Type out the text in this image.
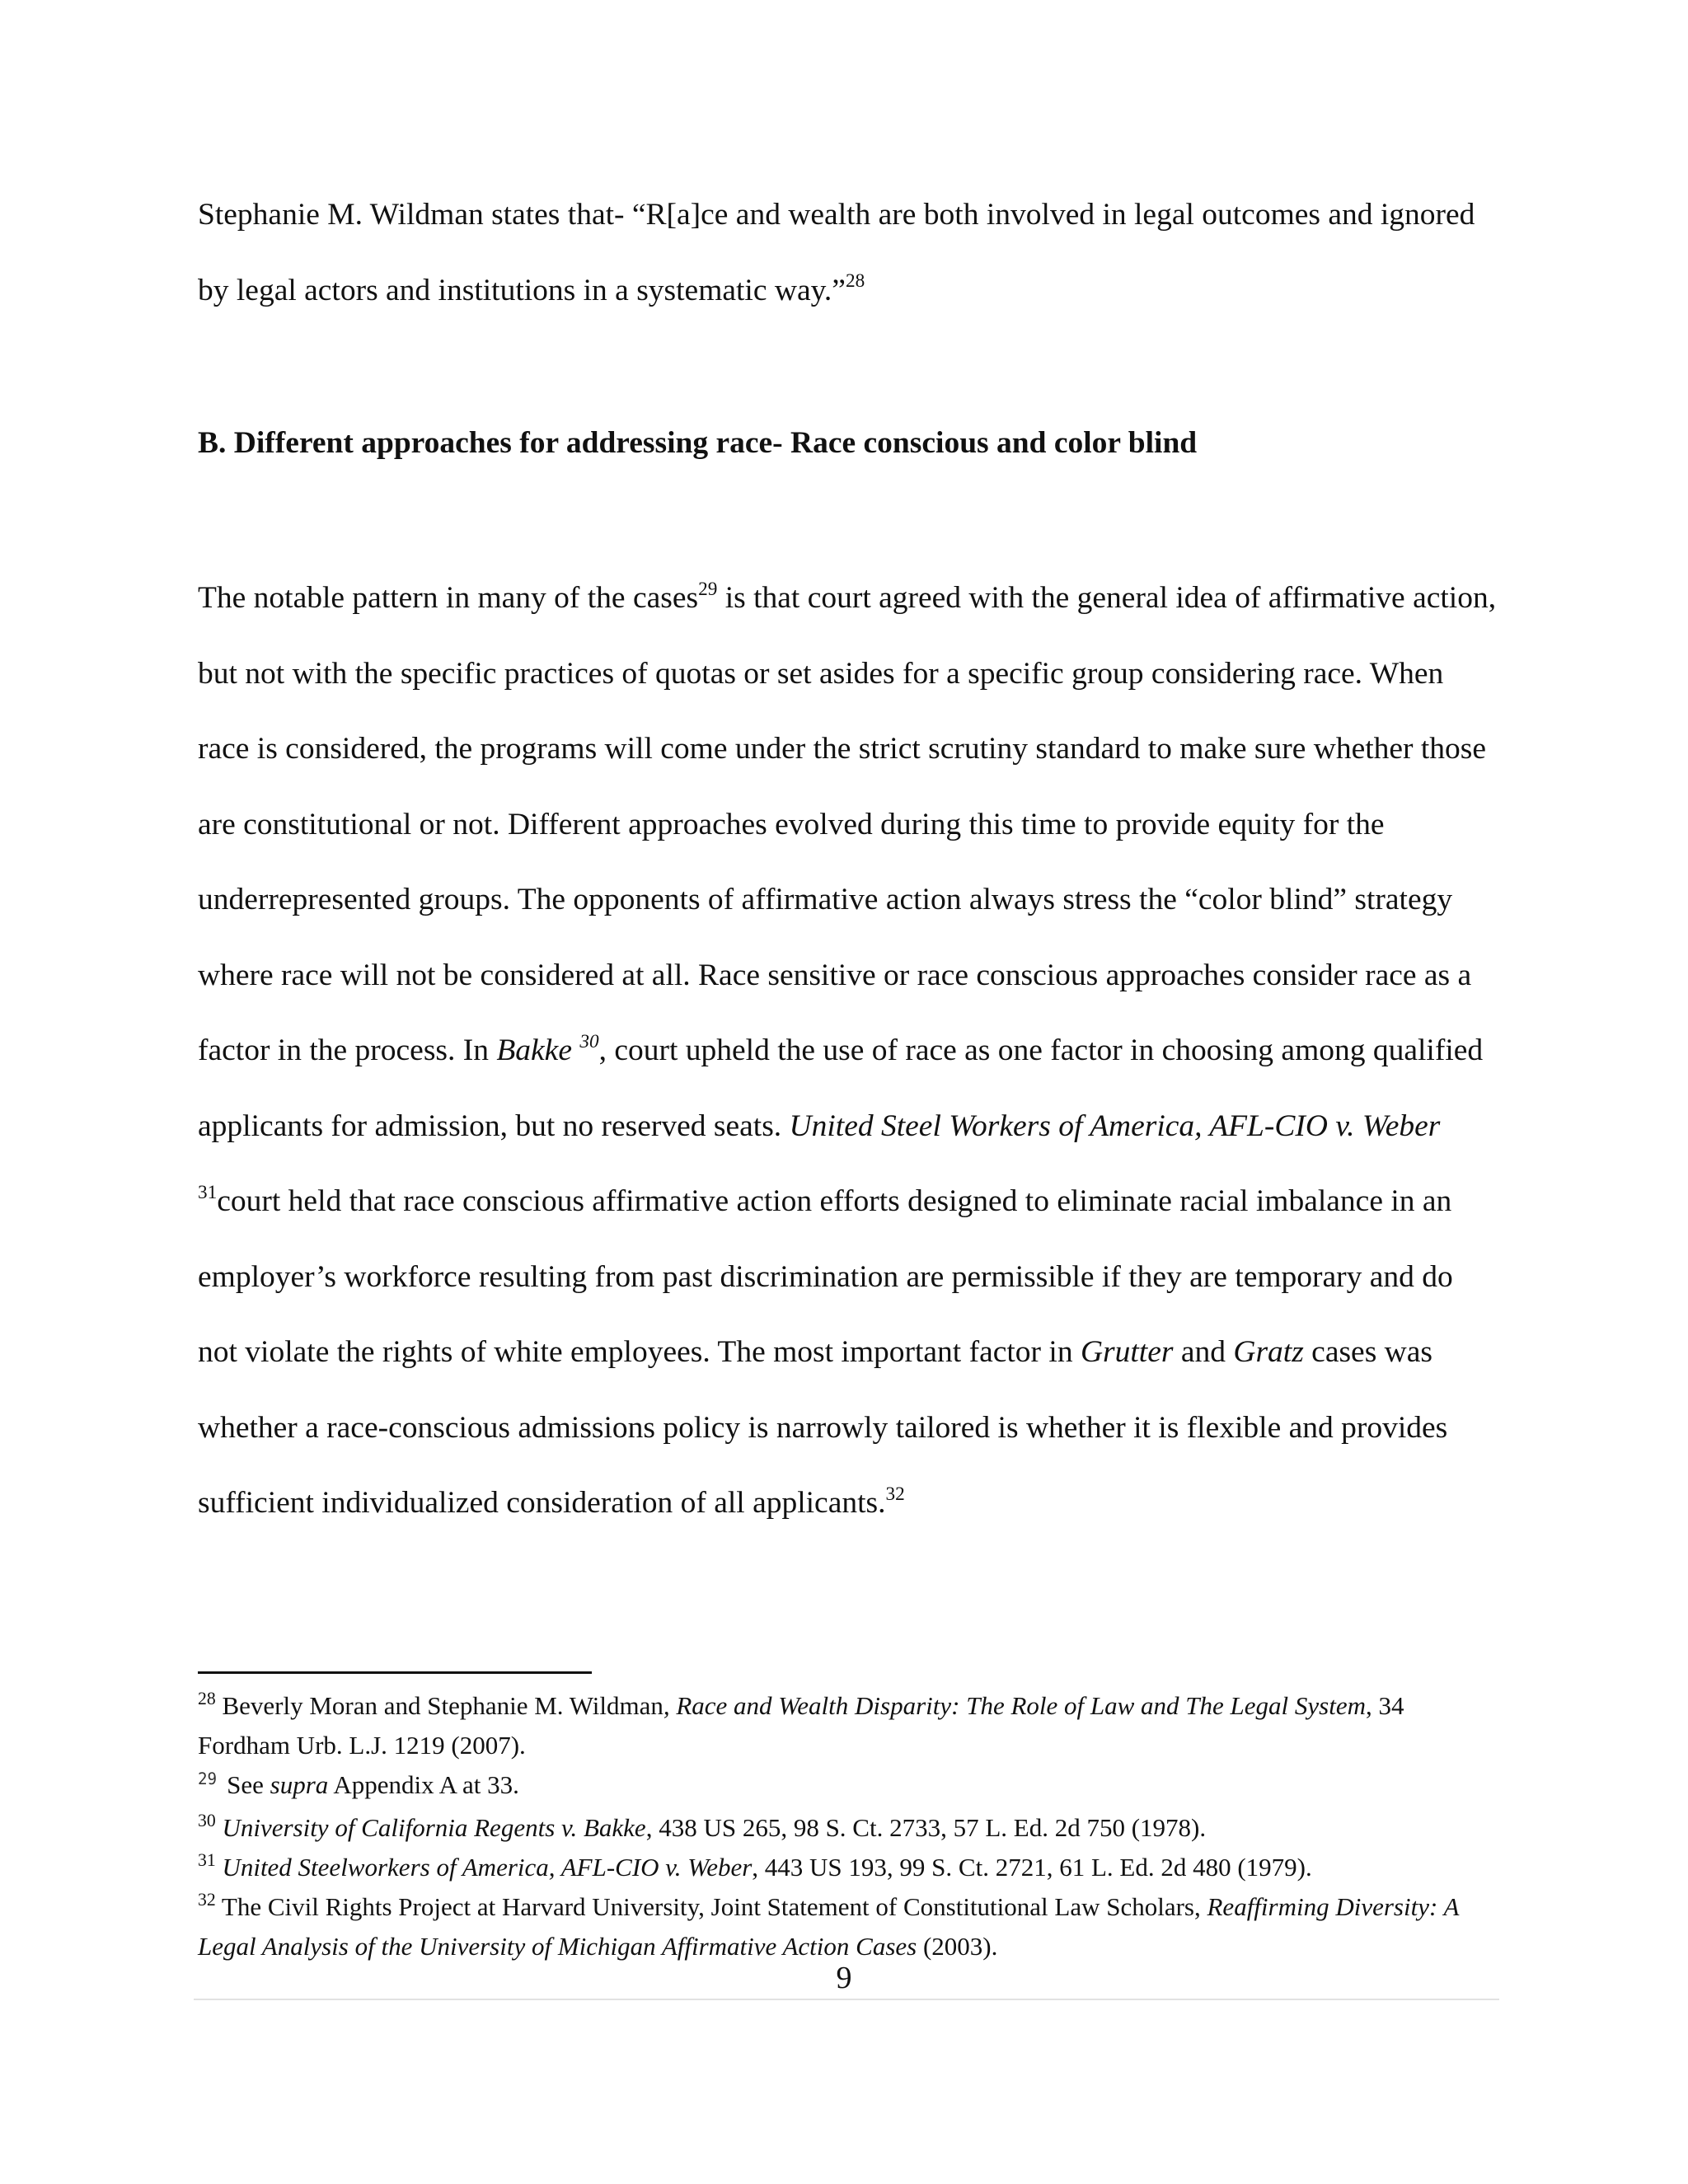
Stephanie M. Wildman states that- “R[a]ce and wealth are both involved in legal outcomes and ignored by legal actors and institutions in a systematic way.”$^{28}$

B. Different approaches for addressing race- Race conscious and color blind

The notable pattern in many of the cases$^{29}$ is that court agreed with the general idea of affirmative action, but not with the specific practices of quotas or set asides for a specific group considering race. When race is considered, the programs will come under the strict scrutiny standard to make sure whether those are constitutional or not. Different approaches evolved during this time to provide equity for the underrepresented groups. The opponents of affirmative action always stress the “color blind” strategy where race will not be considered at all. Race sensitive or race conscious approaches consider race as a factor in the process. In Bakke $^{30}$, court upheld the use of race as one factor in choosing among qualified applicants for admission, but no reserved seats. United Steel Workers of America, AFL-CIO v. Weber $^{31}$court held that race conscious affirmative action efforts designed to eliminate racial imbalance in an employer’s workforce resulting from past discrimination are permissible if they are temporary and do not violate the rights of white employees. The most important factor in Grutter and Gratz cases was whether a race-conscious admissions policy is narrowly tailored is whether it is flexible and provides sufficient individualized consideration of all applicants.$^{32}$

$^{28}$ Beverly Moran and Stephanie M. Wildman, Race and Wealth Disparity: The Role of Law and The Legal System, 34 Fordham Urb. L.J. 1219 (2007).

$^{29}$ See supra Appendix A at 33.

$^{30}$ University of California Regents v. Bakke, 438 US 265, 98 S. Ct. 2733, 57 L. Ed. 2d 750 (1978).

$^{31}$ United Steelworkers of America, AFL-CIO v. Weber, 443 US 193, 99 S. Ct. 2721, 61 L. Ed. 2d 480 (1979).

$^{32}$ The Civil Rights Project at Harvard University, Joint Statement of Constitutional Law Scholars, Reaffirming Diversity: A Legal Analysis of the University of Michigan Affirmative Action Cases (2003).

9
